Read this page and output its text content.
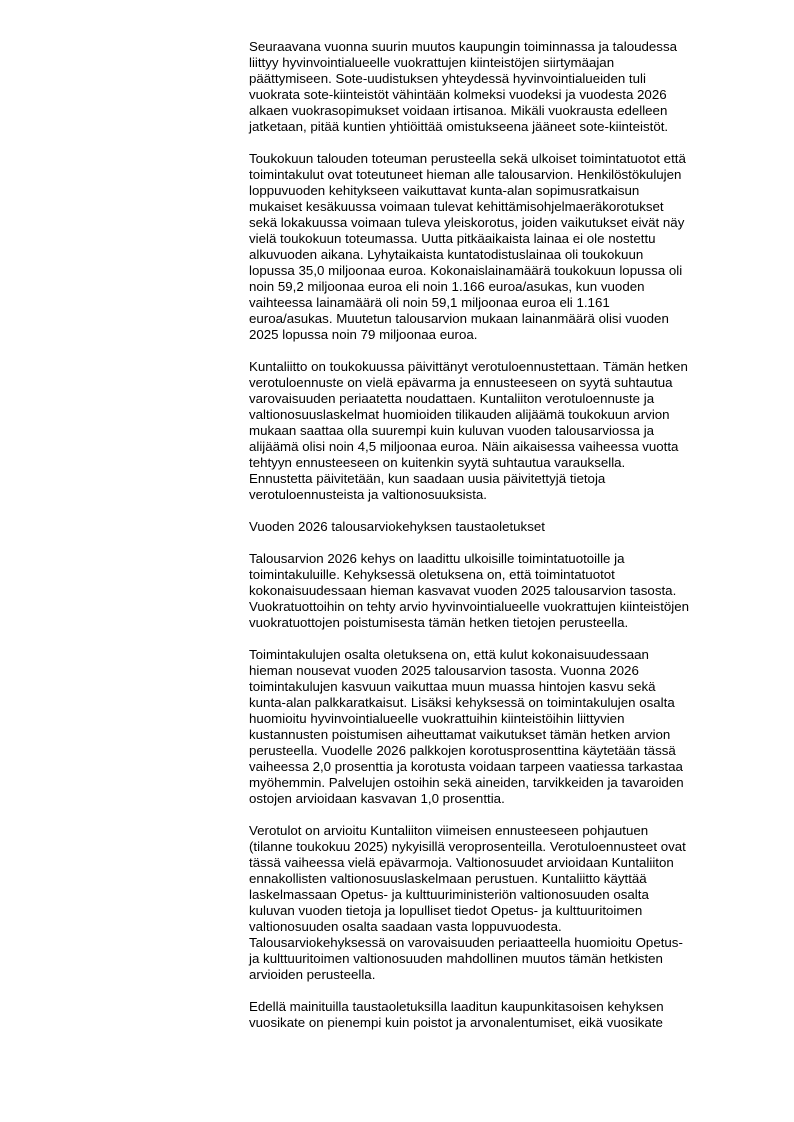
Seuraavana vuonna suurin muutos kaupungin toiminnassa ja taloudessa
liittyy hyvinvointialueelle vuokrattujen kiinteistöjen siirtymäajan
päättymiseen. Sote-uudistuksen yhteydessä hyvinvointialueiden tuli
vuokrata sote-kiinteistöt vähintään kolmeksi vuodeksi ja vuodesta 2026
alkaen vuokrasopimukset voidaan irtisanoa. Mikäli vuokrausta edelleen
jatketaan, pitää kuntien yhtiöittää omistukseena jääneet sote-kiinteistöt.
Toukokuun talouden toteuman perusteella sekä ulkoiset toimintatuotot että
toimintakulut ovat toteutuneet hieman alle talousarvion. Henkilöstökulujen
loppuvuoden kehitykseen vaikuttavat kunta-alan sopimusratkaisun
mukaiset kesäkuussa voimaan tulevat kehittämisohjelmaeräkorotukset
sekä lokakuussa voimaan tuleva yleiskorotus, joiden vaikutukset eivät näy
vielä toukokuun toteumassa. Uutta pitkäaikaista lainaa ei ole nostettu
alkuvuoden aikana. Lyhytaikaista kuntatodistuslainaa oli toukokuun
lopussa 35,0 miljoonaa euroa. Kokonaislainamäärä toukokuun lopussa oli
noin 59,2 miljoonaa euroa eli noin 1.166 euroa/asukas, kun vuoden
vaihteessa lainamäärä oli noin 59,1 miljoonaa euroa eli 1.161
euroa/asukas. Muutetun talousarvion mukaan lainanmäärä olisi vuoden
2025 lopussa noin 79 miljoonaa euroa.
Kuntaliitto on toukokuussa päivittänyt verotuloennustettaan. Tämän hetken
verotuloennuste on vielä epävarma ja ennusteeseen on syytä suhtautua
varovaisuuden periaatetta noudattaen. Kuntaliiton verotuloennuste ja
valtionosuuslaskelmat huomioiden tilikauden alijäämä toukokuun arvion
mukaan saattaa olla suurempi kuin kuluvan vuoden talousarviossa ja
alijäämä olisi noin 4,5 miljoonaa euroa. Näin aikaisessa vaiheessa vuotta
tehtyyn ennusteeseen on kuitenkin syytä suhtautua varauksella.
Ennustetta päivitetään, kun saadaan uusia päivitettyjä tietoja
verotuloennusteista ja valtionosuuksista.
Vuoden 2026 talousarviokehyksen taustaoletukset
Talousarvion 2026 kehys on laadittu ulkoisille toimintatuotoille ja
toimintakuluille. Kehyksessä oletuksena on, että toimintatuotot
kokonaisuudessaan hieman kasvavat vuoden 2025 talousarvion tasosta.
Vuokratuottoihin on tehty arvio hyvinvointialueelle vuokrattujen kiinteistöjen
vuokratuottojen poistumisesta tämän hetken tietojen perusteella.
Toimintakulujen osalta oletuksena on, että kulut kokonaisuudessaan
hieman nousevat vuoden 2025 talousarvion tasosta. Vuonna 2026
toimintakulujen kasvuun vaikuttaa muun muassa hintojen kasvu sekä
kunta-alan palkkaratkaisut. Lisäksi kehyksessä on toimintakulujen osalta
huomioitu hyvinvointialueelle vuokrattuihin kiinteistöihin liittyvien
kustannusten poistumisen aiheuttamat vaikutukset tämän hetken arvion
perusteella. Vuodelle 2026 palkkojen korotusprosenttina käytetään tässä
vaiheessa 2,0 prosenttia ja korotusta voidaan tarpeen vaatiessa tarkastaa
myöhemmin. Palvelujen ostoihin sekä aineiden, tarvikkeiden ja tavaroiden
ostojen arvioidaan kasvavan 1,0 prosenttia.
Verotulot on arvioitu Kuntaliiton viimeisen ennusteeseen pohjautuen
(tilanne toukokuu 2025) nykyisillä veroprosenteilla. Verotuloennusteet ovat
tässä vaiheessa vielä epävarmoja. Valtionosuudet arvioidaan Kuntaliiton
ennakollisten valtionosuuslaskelmaan perustuen. Kuntaliitto käyttää
laskelmassaan Opetus- ja kulttuuriministeriön valtionosuuden osalta
kuluvan vuoden tietoja ja lopulliset tiedot Opetus- ja kulttuuritoimen
valtionosuuden osalta saadaan vasta loppuvuodesta.
Talousarviokehyksessä on varovaisuuden periaatteella huomioitu Opetus-
ja kulttuuritoimen valtionosuuden mahdollinen muutos tämän hetkisten
arvioiden perusteella.
Edellä mainituilla taustaoletuksilla laaditun kaupunkitasoisen kehyksen
vuosikate on pienempi kuin poistot ja arvonalentumiset, eikä vuosikate
